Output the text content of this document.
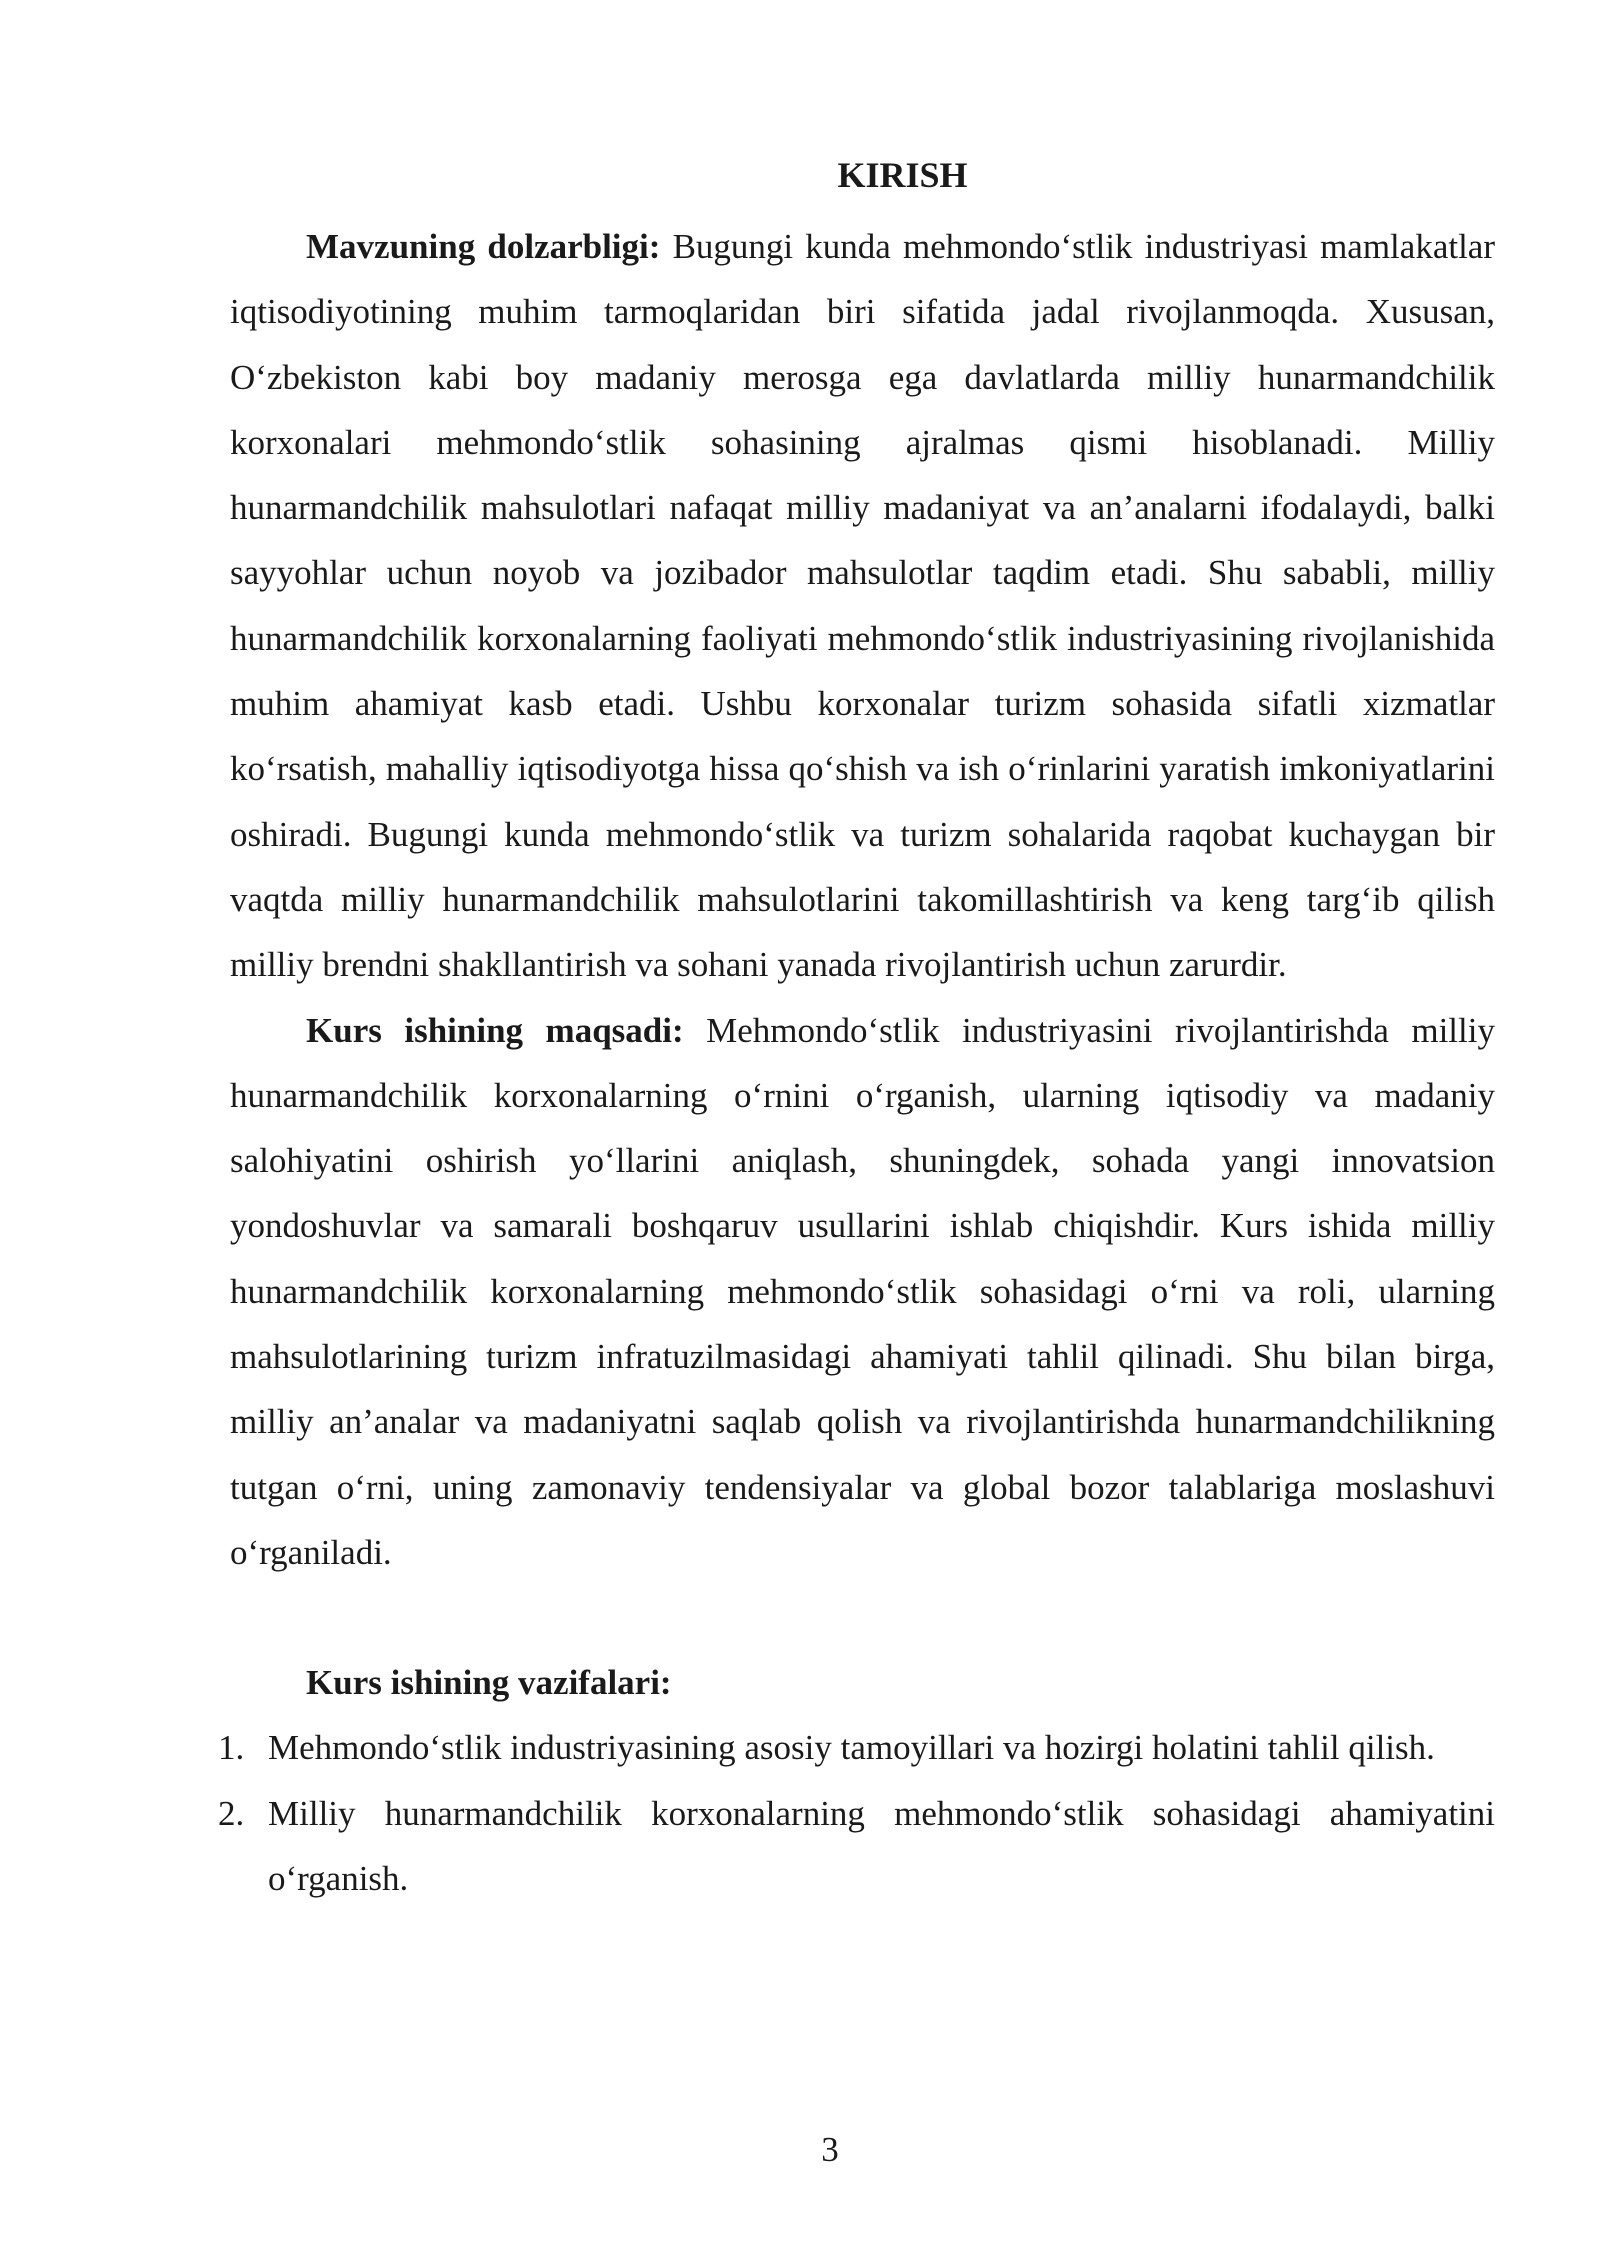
KIRISH

Mavzuning dolzarbligi: Bugungi kunda mehmondo‘stlik industriyasi mamlakatlar iqtisodiyotining muhim tarmoqlaridan biri sifatida jadal rivojlanmoqda. Xususan, O‘zbekiston kabi boy madaniy merosga ega davlatlarda milliy hunarmandchilik korxonalari mehmondo‘stlik sohasining ajralmas qismi hisoblanadi. Milliy hunarmandchilik mahsulotlari nafaqat milliy madaniyat va an’analarni ifodalaydi, balki sayyohlar uchun noyob va jozibador mahsulotlar taqdim etadi. Shu sababli, milliy hunarmandchilik korxonalarning faoliyati mehmondo‘stlik industriyasining rivojlanishida muhim ahamiyat kasb etadi. Ushbu korxonalar turizm sohasida sifatli xizmatlar ko‘rsatish, mahalliy iqtisodiyotga hissa qo‘shish va ish o‘rinlarini yaratish imkoniyatlarini oshiradi. Bugungi kunda mehmondo‘stlik va turizm sohalarida raqobat kuchaygan bir vaqtda milliy hunarmandchilik mahsulotlarini takomillashtirish va keng targ‘ib qilish milliy brendni shakllantirish va sohani yanada rivojlantirish uchun zarurdir.

Kurs ishining maqsadi: Mehmondo‘stlik industriyasini rivojlantirishda milliy hunarmandchilik korxonalarning o‘rnini o‘rganish, ularning iqtisodiy va madaniy salohiyatini oshirish yo‘llarini aniqlash, shuningdek, sohada yangi innovatsion yondoshuvlar va samarali boshqaruv usullarini ishlab chiqishdir. Kurs ishida milliy hunarmandchilik korxonalarning mehmondo‘stlik sohasidagi o‘rni va roli, ularning mahsulotlarining turizm infratuzilmasidagi ahamiyati tahlil qilinadi. Shu bilan birga, milliy an’analar va madaniyatni saqlab qolish va rivojlantirishda hunarmandchilikning tutgan o‘rni, uning zamonaviy tendensiyalar va global bozor talablariga moslashuvi o‘rganiladi.

Kurs ishining vazifalari:
1. Mehmondo‘stlik industriyasining asosiy tamoyillari va hozirgi holatini tahlil qilish.
2. Milliy hunarmandchilik korxonalarning mehmondo‘stlik sohasidagi ahamiyatini o‘rganish.
3
